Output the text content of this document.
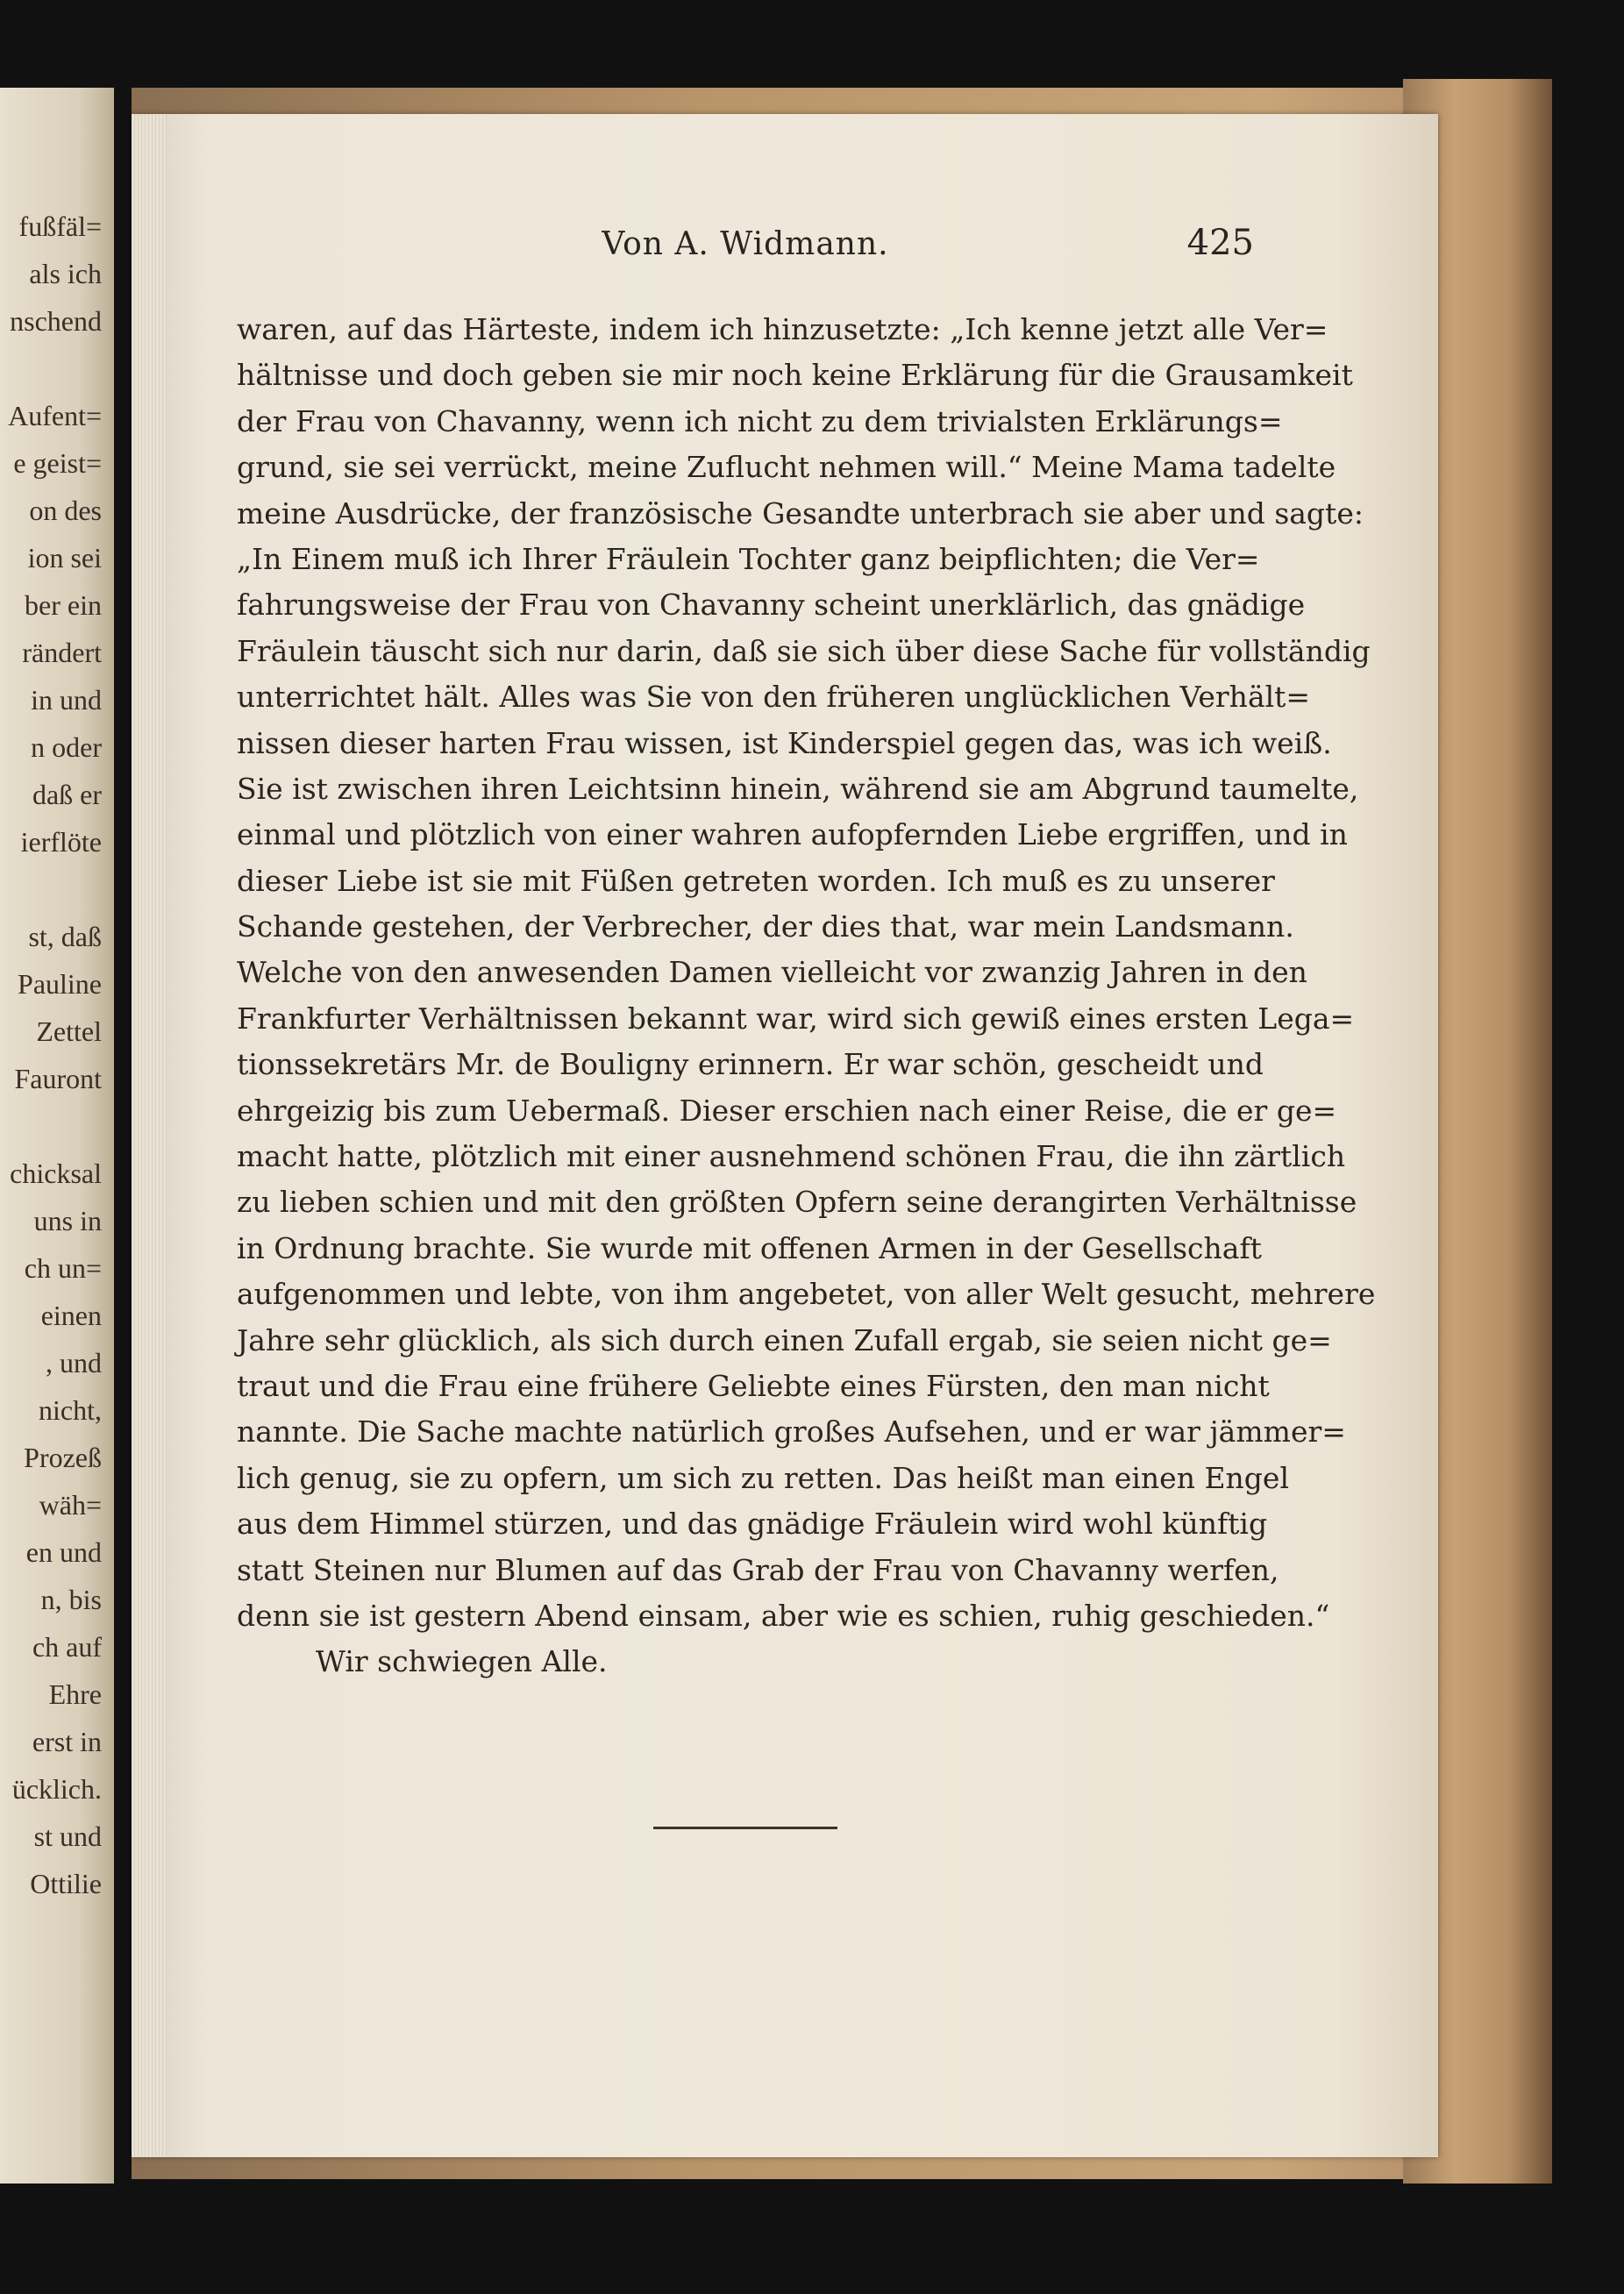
fußfäl=
als ich
nschend
Aufent=
e geist=
on des
ion sei
ber ein
rändert
in und
n oder
daß er
ierflöte
st, daß
Pauline
Zettel
Fauront
chicksal
uns in
ch un=
einen
, und
nicht,
Prozeß
wäh=
en und
n, bis
ch auf
Ehre
erst in
ücklich.
st und
Ottilie
Von A. Widmann.	425
waren, auf das Härteste, indem ich hinzusetzte: „Ich kenne jetzt alle Ver=
hältnisse und doch geben sie mir noch keine Erklärung für die Grausamkeit
der Frau von Chavanny, wenn ich nicht zu dem trivialsten Erklärungs=
grund, sie sei verrückt, meine Zuflucht nehmen will.“ Meine Mama tadelte
meine Ausdrücke, der französische Gesandte unterbrach sie aber und sagte:
„In Einem muß ich Ihrer Fräulein Tochter ganz beipflichten; die Ver=
fahrungsweise der Frau von Chavanny scheint unerklärlich, das gnädige
Fräulein täuscht sich nur darin, daß sie sich über diese Sache für vollständig
unterrichtet hält. Alles was Sie von den früheren unglücklichen Verhält=
nissen dieser harten Frau wissen, ist Kinderspiel gegen das, was ich weiß.
Sie ist zwischen ihren Leichtsinn hinein, während sie am Abgrund taumelte,
einmal und plötzlich von einer wahren aufopfernden Liebe ergriffen, und in
dieser Liebe ist sie mit Füßen getreten worden. Ich muß es zu unserer
Schande gestehen, der Verbrecher, der dies that, war mein Landsmann.
Welche von den anwesenden Damen vielleicht vor zwanzig Jahren in den
Frankfurter Verhältnissen bekannt war, wird sich gewiß eines ersten Lega=
tionssekretärs Mr. de Bouligny erinnern. Er war schön, gescheidt und
ehrgeizig bis zum Uebermaß. Dieser erschien nach einer Reise, die er ge=
macht hatte, plötzlich mit einer ausnehmend schönen Frau, die ihn zärtlich
zu lieben schien und mit den größten Opfern seine derangirten Verhältnisse
in Ordnung brachte. Sie wurde mit offenen Armen in der Gesellschaft
aufgenommen und lebte, von ihm angebetet, von aller Welt gesucht, mehrere
Jahre sehr glücklich, als sich durch einen Zufall ergab, sie seien nicht ge=
traut und die Frau eine frühere Geliebte eines Fürsten, den man nicht
nannte. Die Sache machte natürlich großes Aufsehen, und er war jämmer=
lich genug, sie zu opfern, um sich zu retten. Das heißt man einen Engel
aus dem Himmel stürzen, und das gnädige Fräulein wird wohl künftig
statt Steinen nur Blumen auf das Grab der Frau von Chavanny werfen,
denn sie ist gestern Abend einsam, aber wie es schien, ruhig geschieden.“
Wir schwiegen Alle.
